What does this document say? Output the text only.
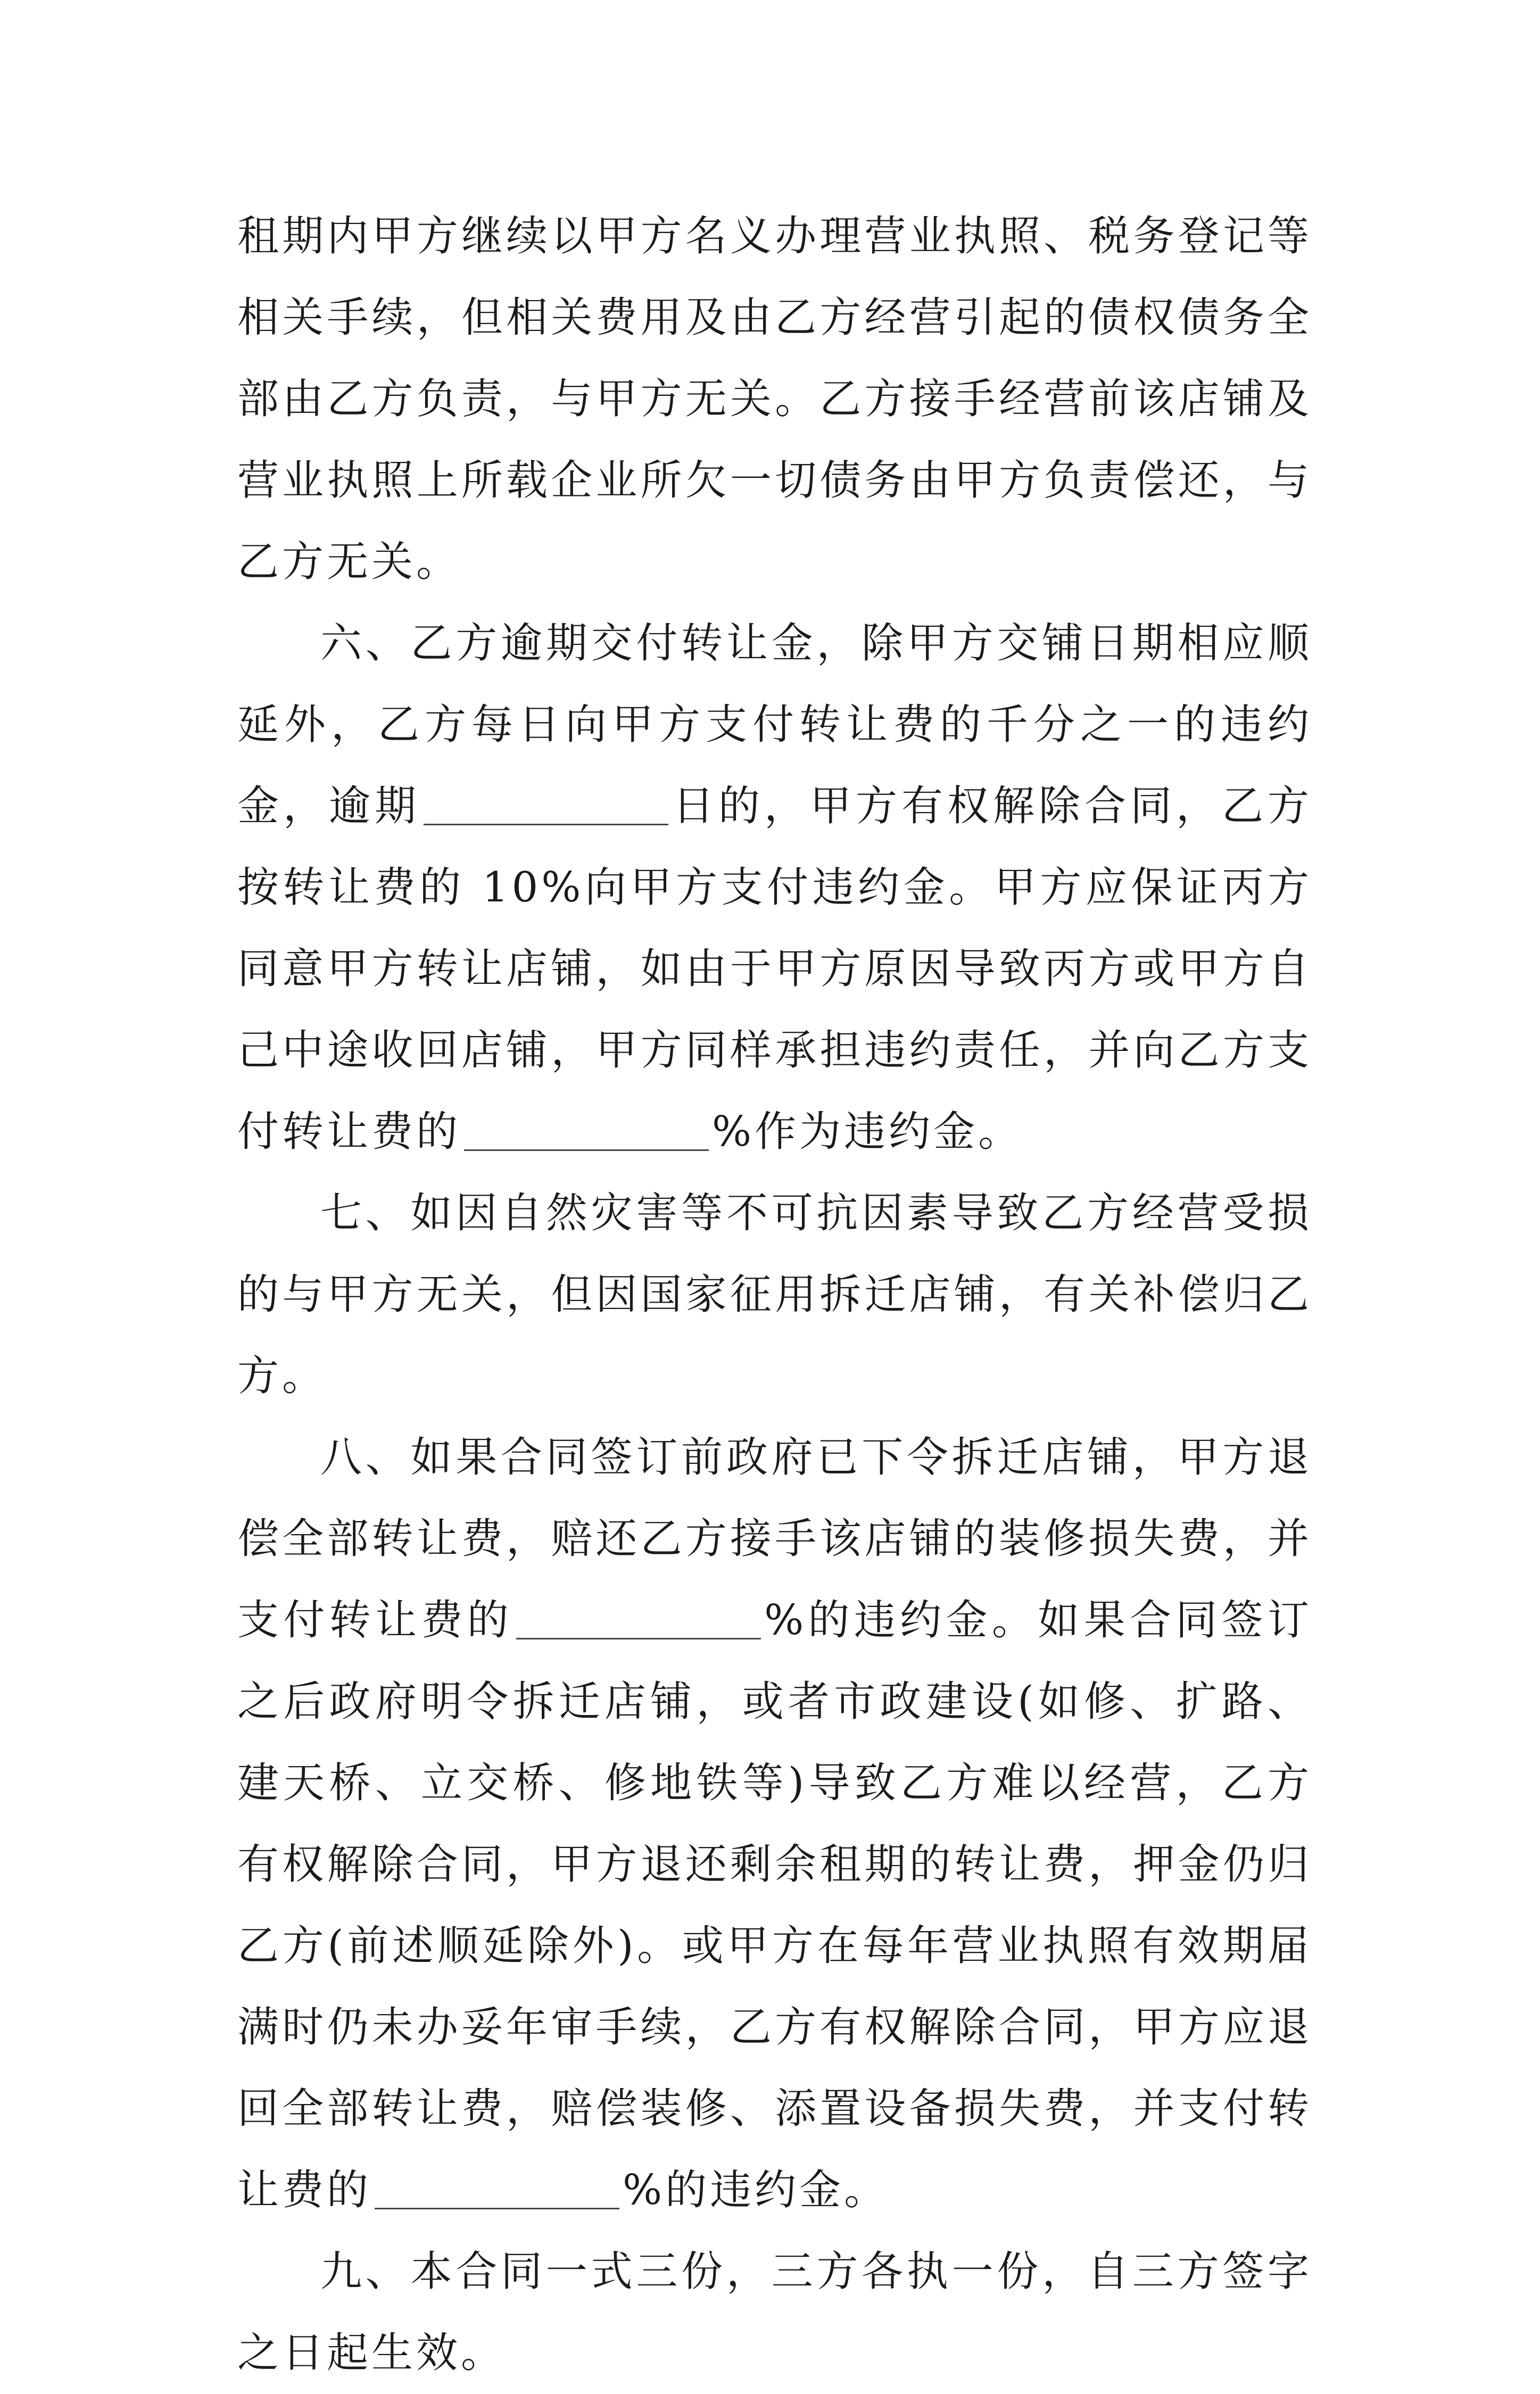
租期内甲方继续以甲方名义办理营业执照、税务登记等相关手续，但相关费用及由乙方经营引起的债权债务全部由乙方负责，与甲方无关。乙方接手经营前该店铺及营业执照上所载企业所欠一切债务由甲方负责偿还，与乙方无关。

六、乙方逾期交付转让金，除甲方交铺日期相应顺延外，乙方每日向甲方支付转让费的千分之一的违约金，逾期	日的，甲方有权解除合同，乙方按转让费的 10%向甲方支付违约金。甲方应保证丙方同意甲方转让店铺，如由于甲方原因导致丙方或甲方自己中途收回店铺，甲方同样承担违约责任，并向乙方支付转让费的	%作为违约金。

七、如因自然灾害等不可抗因素导致乙方经营受损的与甲方无关，但因国家征用拆迁店铺，有关补偿归乙方。

八、如果合同签订前政府已下令拆迁店铺，甲方退偿全部转让费，赔还乙方接手该店铺的装修损失费，并支付转让费的	%的违约金。如果合同签订之后政府明令拆迁店铺，或者市政建设(如修、扩路、建天桥、立交桥、修地铁等)导致乙方难以经营，乙方有权解除合同，甲方退还剩余租期的转让费，押金仍归乙方(前述顺延除外)。或甲方在每年营业执照有效期届满时仍未办妥年审手续，乙方有权解除合同，甲方应退回全部转让费，赔偿装修、添置设备损失费，并支付转让费的	%的违约金。

九、本合同一式三份，三方各执一份，自三方签字之日起生效。
